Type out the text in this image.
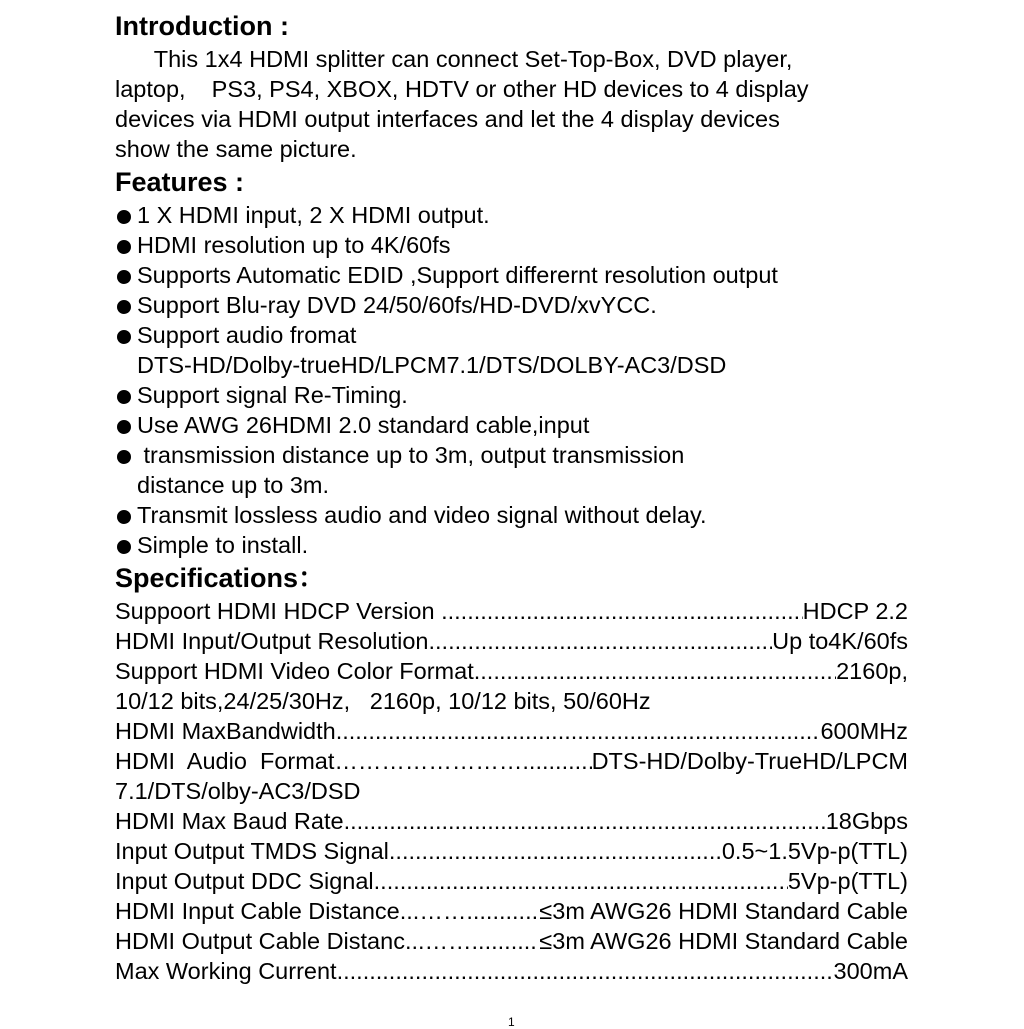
Introduction :

This 1x4 HDMI splitter can connect Set-Top-Box, DVD player,
laptop,    PS3, PS4, XBOX, HDTV or other HD devices to 4 display
devices via HDMI output interfaces and let the 4 display devices
show the same picture.

Features :
1 X HDMI input, 2 X HDMI output.
HDMI resolution up to 4K/60fs
Supports Automatic EDID ,Support differernt resolution output
Support Blu-ray DVD 24/50/60fs/HD-DVD/xvYCC.
Support audio fromat
DTS-HD/Dolby-trueHD/LPCM7.1/DTS/DOLBY-AC3/DSD
Support signal Re-Timing.
Use AWG 26HDMI 2.0 standard cable,input
transmission distance up to 3m, output transmission
distance up to 3m.
Transmit lossless audio and video signal without delay.
Simple to install.
Specifications：
Suppoort HDMI HDCP Version .....	HDCP 2.2
HDMI Input/Output Resolution .....	Up to4K/60fs
Support HDMI Video Color Format .....	2160p,
10/12 bits,24/25/30Hz,   2160p, 10/12 bits, 50/60Hz
HDMI MaxBandwidth .....	600MHz
HDMI  Audio  Format…………………… .....	DTS-HD/Dolby-TrueHD/LPCM
7.1/DTS/olby-AC3/DSD
HDMI Max Baud Rate .....	18Gbps
Input Output TMDS Signal .....	0.5~1.5Vp-p(TTL)
Input Output DDC Signal .....	5Vp-p(TTL)
HDMI Input Cable Distance...…… .....	≤3m AWG26 HDMI Standard Cable
HDMI Output Cable Distanc...…… .....	≤3m AWG26 HDMI Standard Cable
Max Working Current .....	300mA
1
